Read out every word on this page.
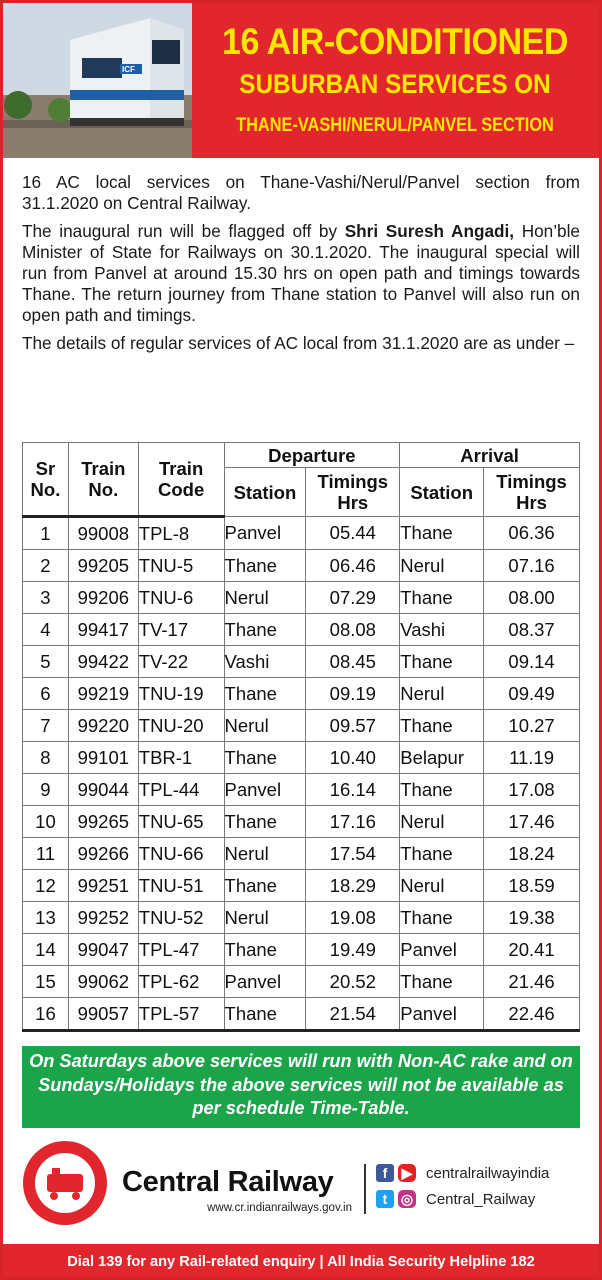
ICF
16 AIR-CONDITIONED
SUBURBAN SERVICES ON
THANE-VASHI/NERUL/PANVEL SECTION

16 AC local services on Thane-Vashi/Nerul/Panvel section from 31.1.2020 on Central Railway.

The inaugural run will be flagged off by Shri Suresh Angadi, Hon’ble Minister of State for Railways on 30.1.2020. The inaugural special will run from Panvel at around 15.30 hrs on open path and timings towards Thane. The return journey from Thane station to Panvel will also run on open path and timings.

The details of regular services of AC local from 31.1.2020 are as under –

Sr No.	Train No.	Train Code	Departure		Arrival	
			Station	Timings Hrs	Station	Timings Hrs
1	99008	TPL-8	Panvel	05.44	Thane	06.36
2	99205	TNU-5	Thane	06.46	Nerul	07.16
3	99206	TNU-6	Nerul	07.29	Thane	08.00
4	99417	TV-17	Thane	08.08	Vashi	08.37
5	99422	TV-22	Vashi	08.45	Thane	09.14
6	99219	TNU-19	Thane	09.19	Nerul	09.49
7	99220	TNU-20	Nerul	09.57	Thane	10.27
8	99101	TBR-1	Thane	10.40	Belapur	11.19
9	99044	TPL-44	Panvel	16.14	Thane	17.08
10	99265	TNU-65	Thane	17.16	Nerul	17.46
11	99266	TNU-66	Nerul	17.54	Thane	18.24
12	99251	TNU-51	Thane	18.29	Nerul	18.59
13	99252	TNU-52	Nerul	19.08	Thane	19.38
14	99047	TPL-47	Thane	19.49	Panvel	20.41
15	99062	TPL-62	Panvel	20.52	Thane	21.46
16	99057	TPL-57	Thane	21.54	Panvel	22.46
On Saturdays above services will run with Non-AC rake and on Sundays/Holidays the above services will not be available as per schedule Time-Table.
Central Railway
www.cr.indianrailways.gov.in
f ▶ centralrailwayindia
t ◎ Central_Railway
Dial 139 for any Rail-related enquiry | All India Security Helpline 182
